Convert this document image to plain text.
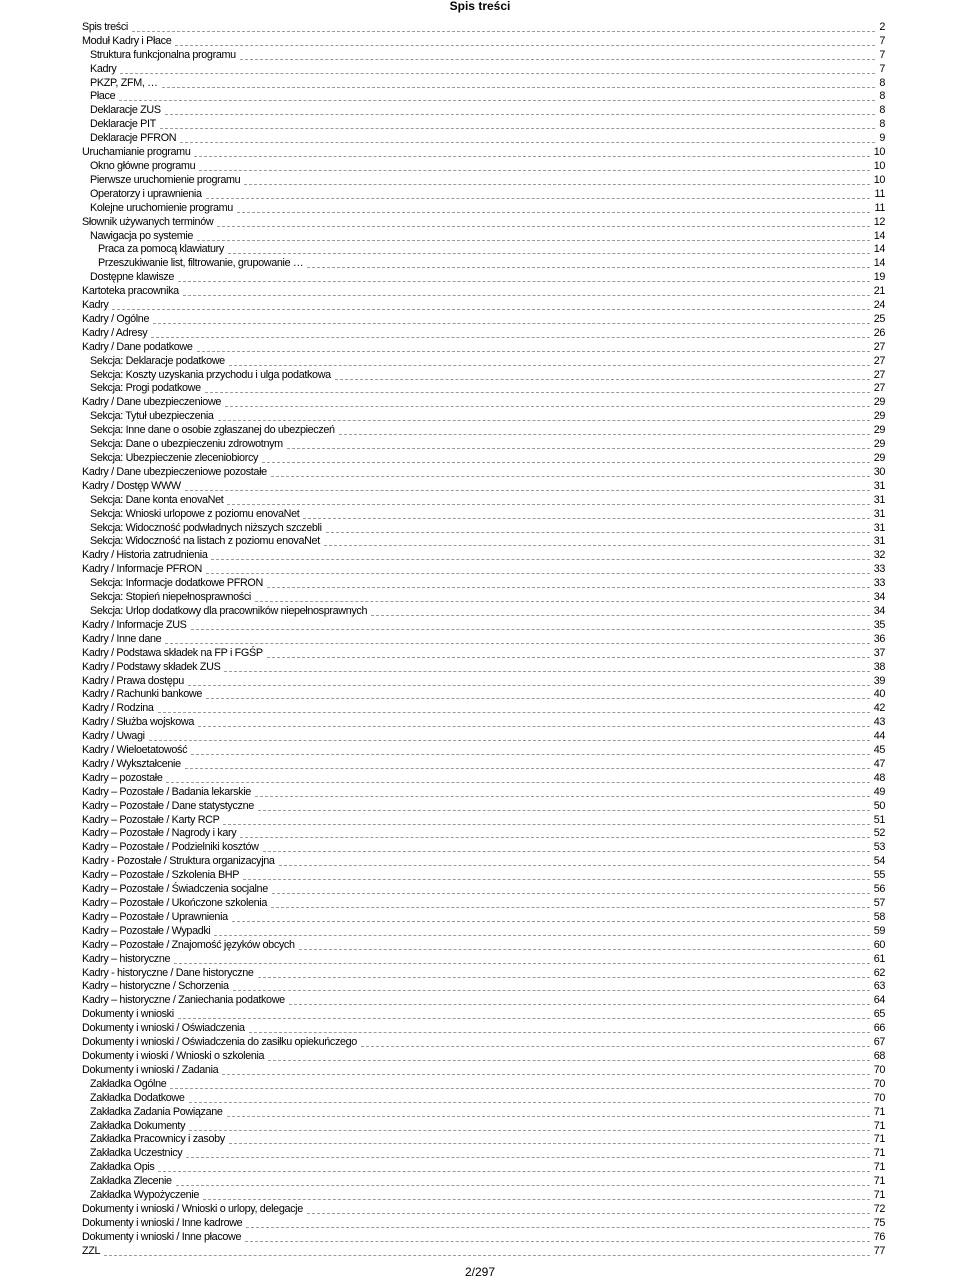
Spis treści
Spis treści	2
Moduł Kadry i Płace	7
Struktura funkcjonalna programu	7
Kadry	7
PKZP, ZFM, …	8
Płace	8
Deklaracje ZUS	8
Deklaracje PIT	8
Deklaracje PFRON	9
Uruchamianie programu	10
Okno główne programu	10
Pierwsze uruchomienie programu	10
Operatorzy i uprawnienia	11
Kolejne uruchomienie programu	11
Słownik używanych terminów	12
Nawigacja po systemie	14
Praca za pomocą klawiatury	14
Przeszukiwanie list, filtrowanie, grupowanie …	14
Dostępne klawisze	19
Kartoteka pracownika	21
Kadry	24
Kadry / Ogólne	25
Kadry / Adresy	26
Kadry / Dane podatkowe	27
Sekcja: Deklaracje podatkowe	27
Sekcja: Koszty uzyskania przychodu i ulga podatkowa	27
Sekcja: Progi podatkowe	27
Kadry / Dane ubezpieczeniowe	29
Sekcja: Tytuł ubezpieczenia	29
Sekcja: Inne dane o osobie zgłaszanej do ubezpieczeń	29
Sekcja: Dane o ubezpieczeniu zdrowotnym	29
Sekcja: Ubezpieczenie zleceniobiorcy	29
Kadry / Dane ubezpieczeniowe pozostałe	30
Kadry / Dostęp WWW	31
Sekcja: Dane konta enovaNet	31
Sekcja: Wnioski urlopowe z poziomu enovaNet	31
Sekcja: Widoczność podwładnych niższych szczebli	31
Sekcja: Widoczność na listach z poziomu enovaNet	31
Kadry / Historia zatrudnienia	32
Kadry / Informacje PFRON	33
Sekcja: Informacje dodatkowe PFRON	33
Sekcja: Stopień niepełnosprawności	34
Sekcja: Urlop dodatkowy dla pracowników niepełnosprawnych	34
Kadry / Informacje ZUS	35
Kadry / Inne dane	36
Kadry / Podstawa składek na FP i FGŚP	37
Kadry / Podstawy składek ZUS	38
Kadry / Prawa dostępu	39
Kadry / Rachunki bankowe	40
Kadry / Rodzina	42
Kadry / Służba wojskowa	43
Kadry / Uwagi	44
Kadry / Wieloetatowość	45
Kadry / Wykształcenie	47
Kadry – pozostałe	48
Kadry – Pozostałe / Badania lekarskie	49
Kadry – Pozostałe / Dane statystyczne	50
Kadry – Pozostałe / Karty RCP	51
Kadry – Pozostałe / Nagrody i kary	52
Kadry – Pozostałe / Podzielniki kosztów	53
Kadry - Pozostałe / Struktura organizacyjna	54
Kadry – Pozostałe / Szkolenia BHP	55
Kadry – Pozostałe / Świadczenia socjalne	56
Kadry – Pozostałe / Ukończone szkolenia	57
Kadry – Pozostałe / Uprawnienia	58
Kadry – Pozostałe / Wypadki	59
Kadry – Pozostałe / Znajomość języków obcych	60
Kadry – historyczne	61
Kadry - historyczne / Dane historyczne	62
Kadry – historyczne / Schorzenia	63
Kadry – historyczne / Zaniechania podatkowe	64
Dokumenty i wnioski	65
Dokumenty i wnioski / Oświadczenia	66
Dokumenty i wnioski / Oświadczenia do zasiłku opiekuńczego	67
Dokumenty i wioski / Wnioski o szkolenia	68
Dokumenty i wnioski / Zadania	70
Zakładka Ogólne	70
Zakładka Dodatkowe	70
Zakładka Zadania Powiązane	71
Zakładka Dokumenty	71
Zakładka Pracownicy i zasoby	71
Zakładka Uczestnicy	71
Zakładka Opis	71
Zakładka Zlecenie	71
Zakładka Wypożyczenie	71
Dokumenty i wnioski / Wnioski o urlopy, delegacje	72
Dokumenty i wnioski / Inne kadrowe	75
Dokumenty i wnioski / Inne płacowe	76
ZZL	77
2/297
